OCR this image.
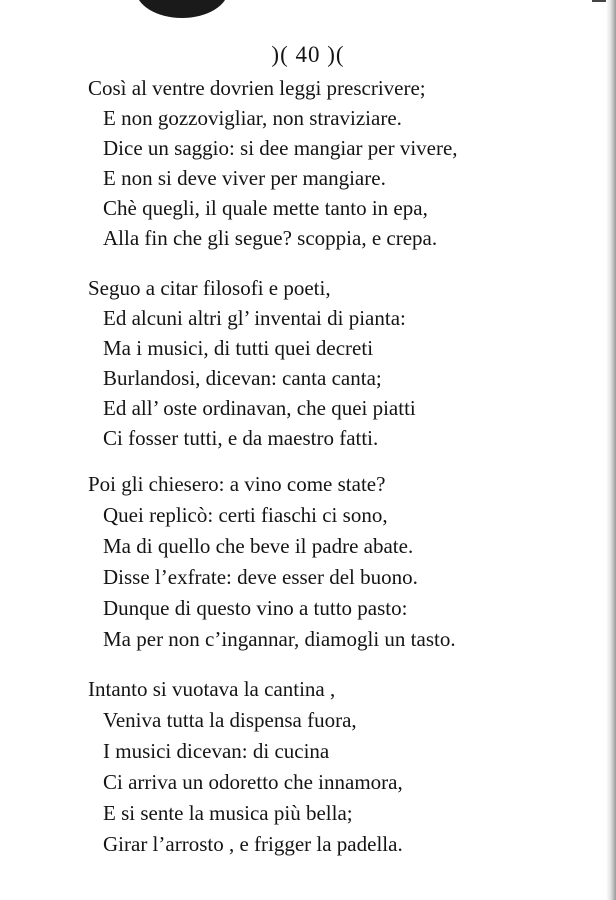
)( 40 )(
Così al ventre dovrien leggi prescrivere;
E non gozzovigliar, non straviziare.
Dice un saggio: si dee mangiar per vivere,
E non si deve viver per mangiare.
Chè quegli, il quale mette tanto in epa,
Alla fin che gli segue? scoppia, e crepa.
Seguo a citar filosofi e poeti,
Ed alcuni altri gl’ inventai di pianta:
Ma i musici, di tutti quei decreti
Burlandosi, dicevan: canta canta;
Ed all’ oste ordinavan, che quei piatti
Ci fosser tutti, e da maestro fatti.
Poi gli chiesero: a vino come state?
Quei replicò: certi fiaschi ci sono,
Ma di quello che beve il padre abate.
Disse l’exfrate: deve esser del buono.
Dunque di questo vino a tutto pasto:
Ma per non c’ingannar, diamogli un tasto.
Intanto si vuotava la cantina ,
Veniva tutta la dispensa fuora,
I musici dicevan: di cucina
Ci arriva un odoretto che innamora,
E si sente la musica più bella;
Girar l’arrosto , e frigger la padella.
